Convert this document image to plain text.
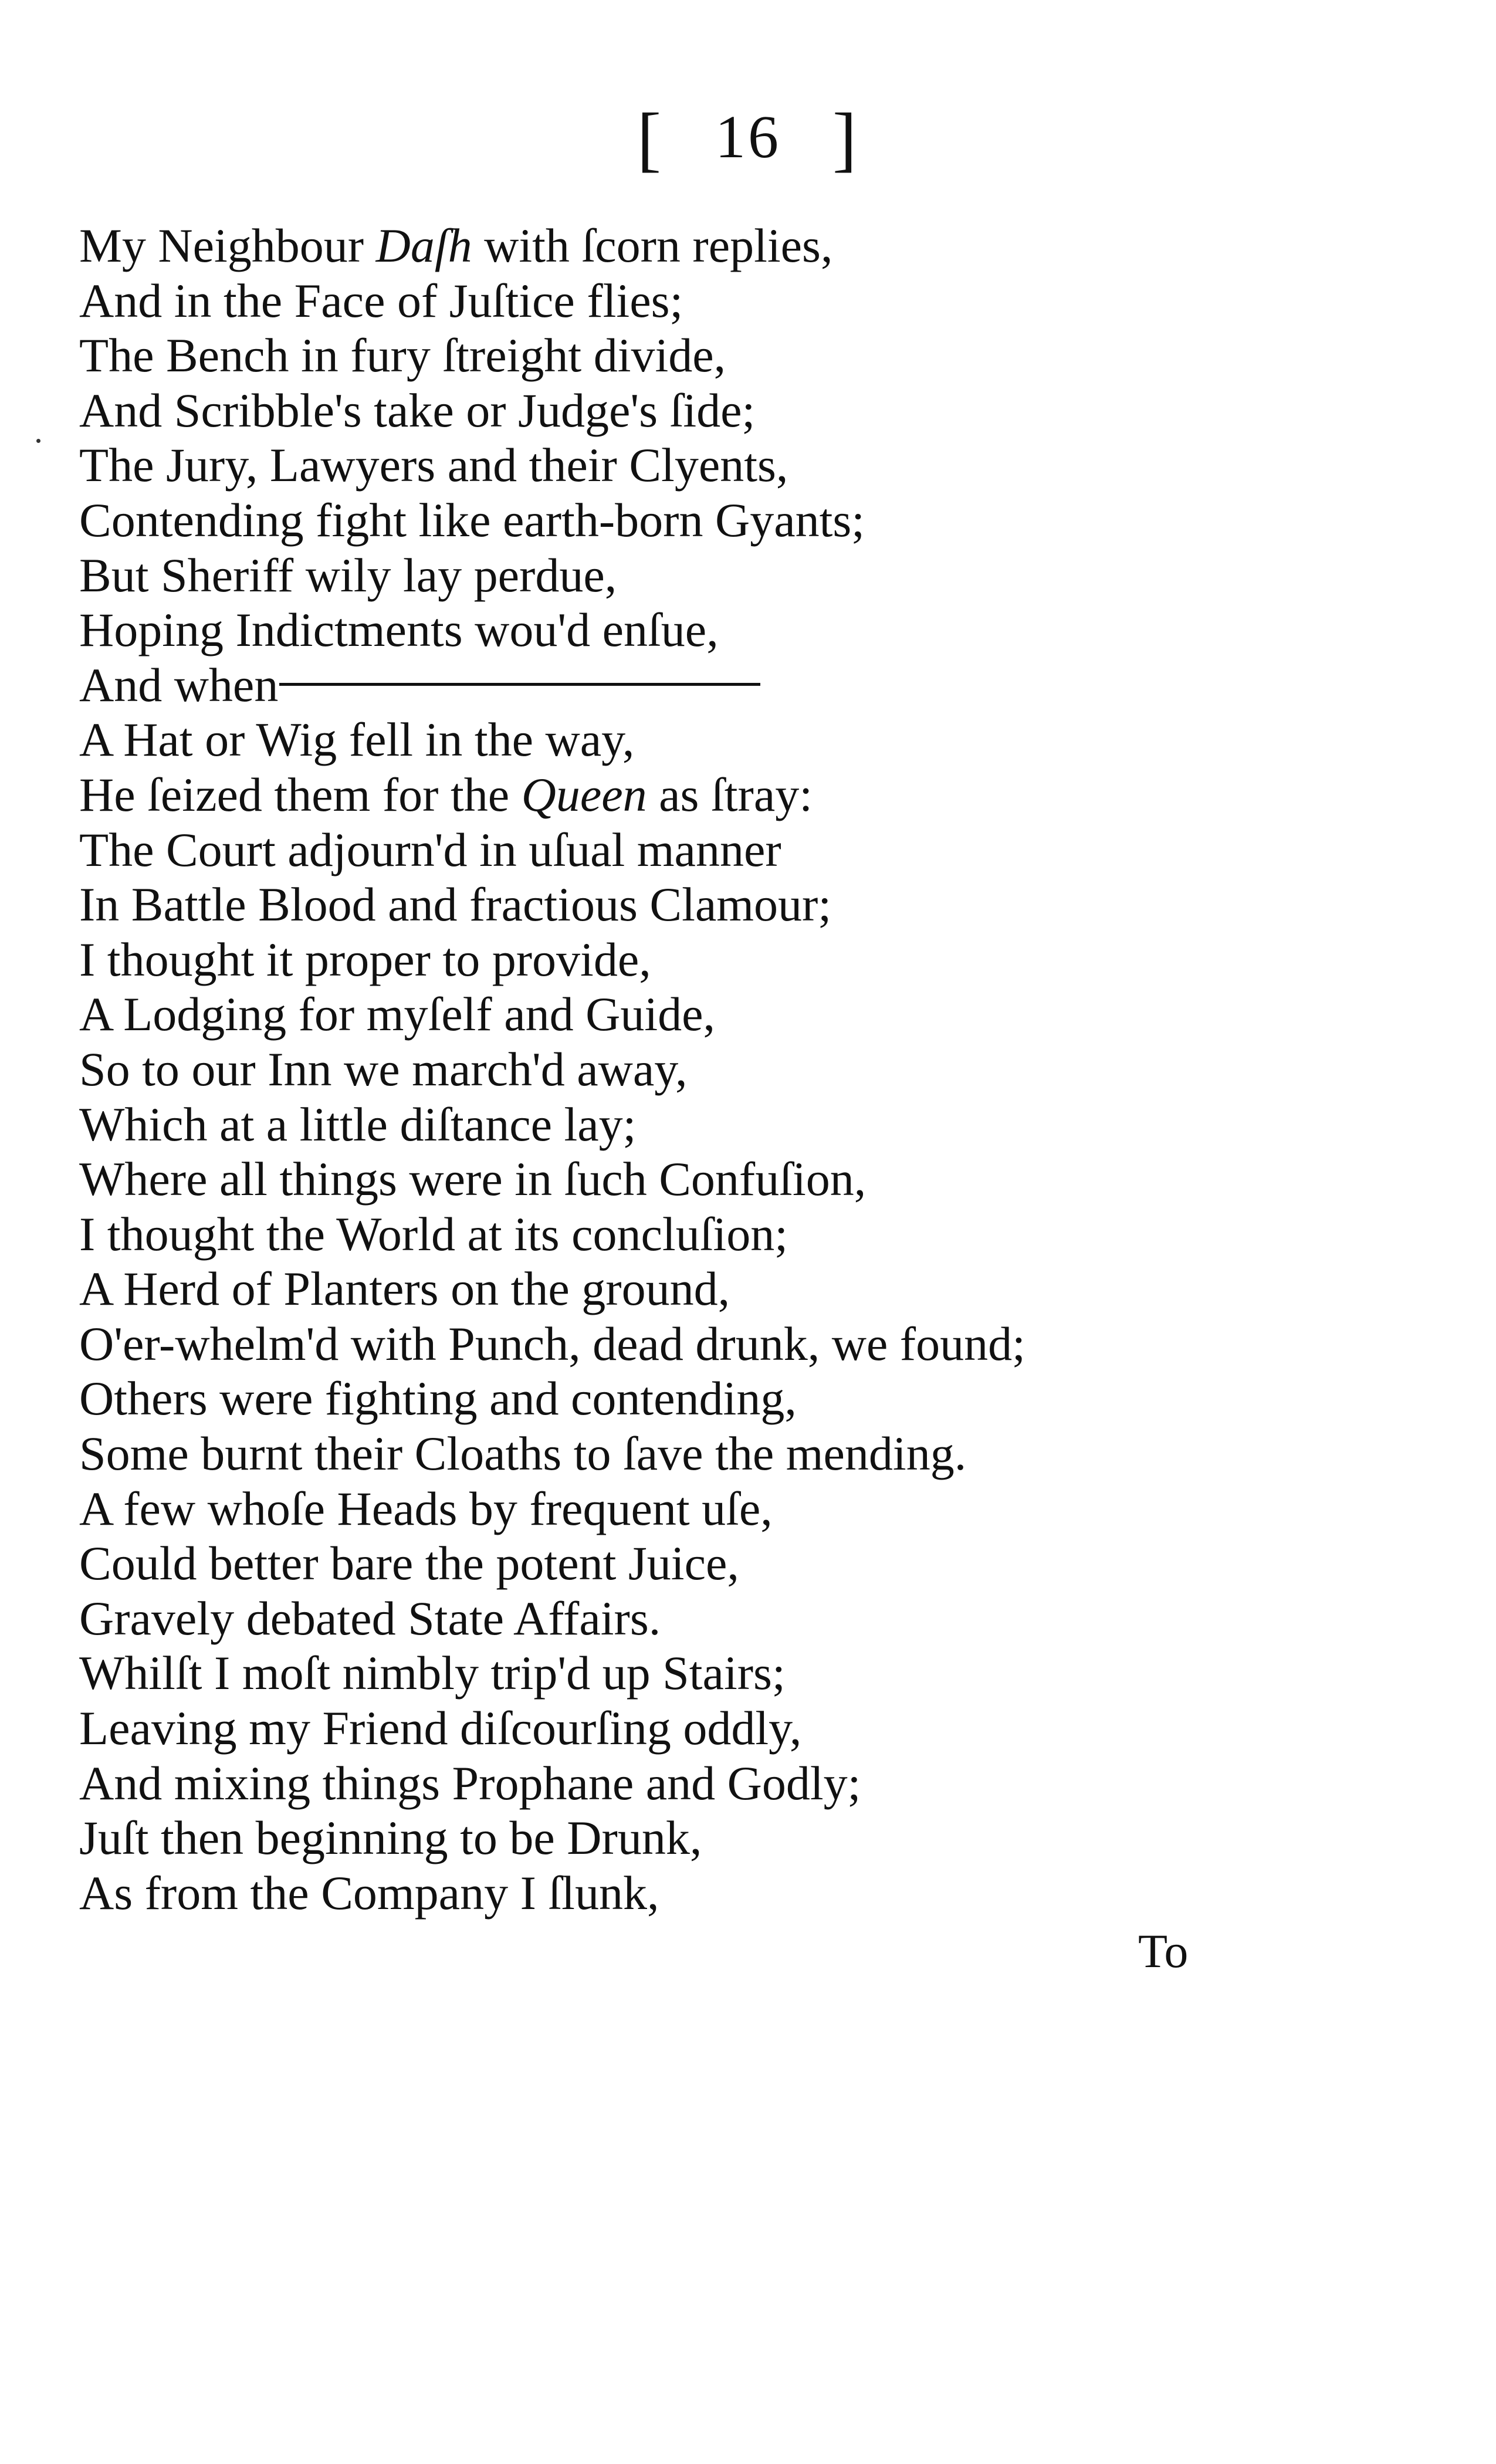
[ 16 ]
My Neighbour Daſh with ſcorn replies,
And in the Face of Juſtice flies;
The Bench in fury ſtreight divide,
And Scribble's take or Judge's ſide;
The Jury, Lawyers and their Clyents,
Contending fight like earth-born Gyants;
But Sheriff wily lay perdue,
Hoping Indictments wou'd enſue,
And when
A Hat or Wig fell in the way,
He ſeized them for the Queen as ſtray:
The Court adjourn'd in uſual manner
In Battle Blood and fractious Clamour;
I thought it proper to provide,
A Lodging for myſelf and Guide,
So to our Inn we march'd away,
Which at a little diſtance lay;
Where all things were in ſuch Confuſion,
I thought the World at its concluſion;
A Herd of Planters on the ground,
O'er-whelm'd with Punch, dead drunk, we found;
Others were fighting and contending,
Some burnt their Cloaths to ſave the mending.
A few whoſe Heads by frequent uſe,
Could better bare the potent Juice,
Gravely debated State Affairs.
Whilſt I moſt nimbly trip'd up Stairs;
Leaving my Friend diſcourſing oddly,
And mixing things Prophane and Godly;
Juſt then beginning to be Drunk,
As from the Company I ſlunk,
To
